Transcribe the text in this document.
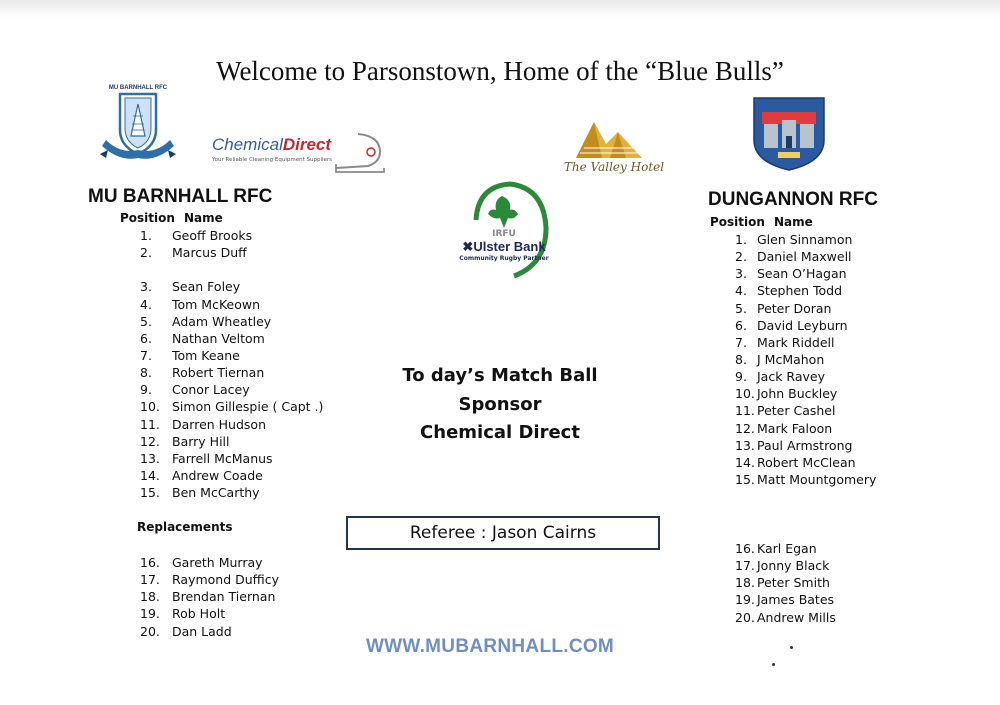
Welcome to Parsonstown, Home of the “Blue Bulls”
MU BARNHALL RFC
ChemicalDirect
Your Reliable Cleaning Equipment Suppliers
IRFU
✖Ulster Bank
Community Rugby Partner
The Valley Hotel
MU BARNHALL RFC
Position Name
1. Geoff Brooks
2. Marcus Duff
3. Sean Foley
4. Tom McKeown
5. Adam Wheatley
6. Nathan Veltom
7. Tom Keane
8. Robert Tiernan
9. Conor Lacey
10. Simon Gillespie ( Capt .)
11. Darren Hudson
12. Barry Hill
13. Farrell McManus
14. Andrew Coade
15. Ben McCarthy
Replacements
16. Gareth Murray
17. Raymond Dufficy
18. Brendan Tiernan
19. Rob Holt
20. Dan Ladd
DUNGANNON RFC
Position Name
1. Glen Sinnamon
2. Daniel Maxwell
3. Sean O’Hagan
4. Stephen Todd
5. Peter Doran
6. David Leyburn
7. Mark Riddell
8. J McMahon
9. Jack Ravey
10. John Buckley
11. Peter Cashel
12. Mark Faloon
13. Paul Armstrong
14. Robert McClean
15. Matt Mountgomery
16. Karl Egan
17. Jonny Black
18. Peter Smith
19. James Bates
20. Andrew Mills
To day’s Match Ball
Sponsor
Chemical Direct
Referee : Jason Cairns
WWW.MUBARNHALL.COM
